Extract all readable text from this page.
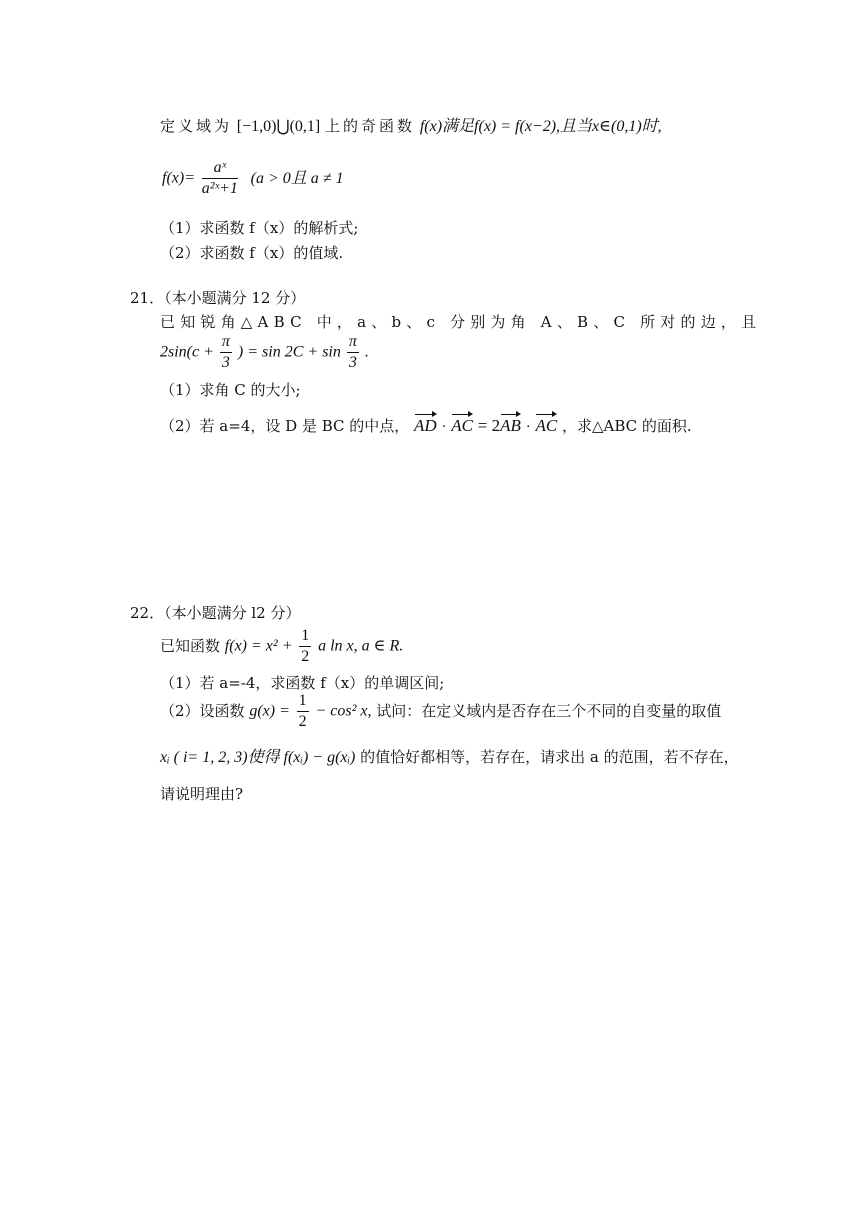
定义域为 [−1,0)⋃(0,1] 上的奇函数 f(x)满足f(x) = f(x−2),且当x∈(0,1)时,
$f(x)= \frac{\text{aˣ}}{\text{a²ˣ+1}} (a > 0$且 a ≠ 1
（1）求函数 f（x）的解析式;
（2）求函数 f（x）的值域.
21．（本小题满分 12 分）
已知锐角△ABC 中，a、b、c 分别为角 A、B、C 所对的边，且
$2\sin(c + \frac{\pi}{3}$ ) = $\sin 2C + \sin \frac{\pi}{3}$ .
（1）求角 C 的大小;
（2）若 a=4，设 D 是 BC 的中点， AD · AC = 2AB · AC ，求△ABC 的面积.
22．（本小题满分 l2 分）
已知函数 $f(x) = x^2 + \frac{1}{2}$ a ln x, a ∈ R.
（1）若 a=-4，求函数 f（x）的单调区间;
（2）设函数 $g(x) = \frac{1}{2} - \cos^2$ x, 试问：在定义域内是否存在三个不同的自变量的取值
xᵢ ( i= 1, 2, 3)使得 f(xᵢ) − g(xᵢ) 的值恰好都相等，若存在，请求出 a 的范围，若不存在，
请说明理由?
